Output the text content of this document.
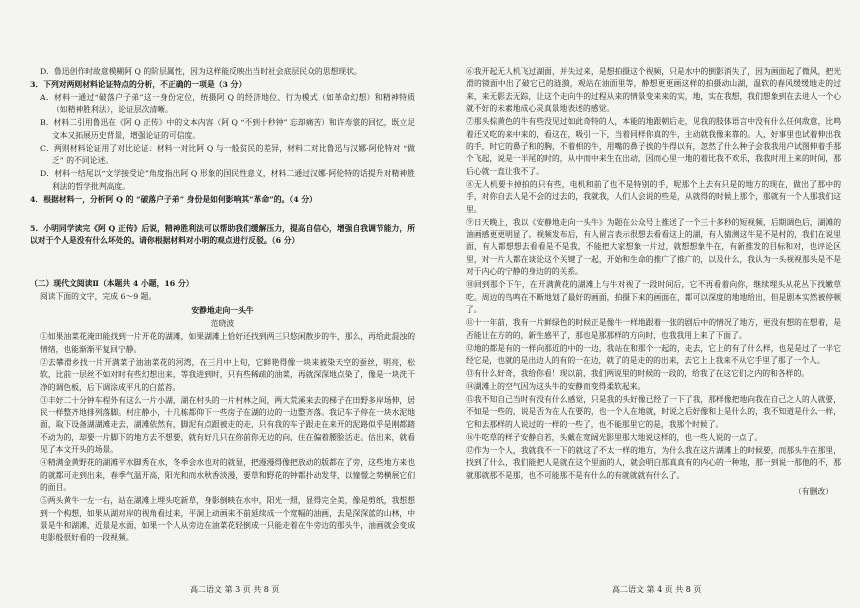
D．鲁迅创作时故意模糊阿 Q 的阶层属性，因为这样能反映出当时社会底层民众的思想现状。

3．下列对两则材料论证特点的分析，不正确的一项是（3 分）

A．材料一通过“破落户子弟”这一身份定位，统摄阿 Q 的经济地位、行为模式（如革命幻想）和精神特质（如精神胜利法），论证层次清晰。

B．材料二引用鲁迅在《阿 Q 正传》中的文本内容（阿 Q “不到十秒钟” 忘却痛苦）和许寿裳的回忆，既立足文本又拓展历史背景，增强论证的可信度。

C．两则材料论证用了对比论证：材料一对比阿 Q 与一般贫民的差异，材料二对比鲁迅与汉娜·阿伦特对 “做乏” 的不同论述。

D．材料一结尾以“文学接受论”角度指出阿 Q 形象的国民性意义，材料二通过汉娜·阿伦特的话提升对精神胜利法的哲学批判高度。

4．根据材料一，分析阿 Q 的 “破落户子弟” 身份是如何影响其“革命”的。（4 分）

5．小明同学读完《阿 Q 正传》后说，精神胜利法可以帮助我们缓解压力，提高自信心，增强自我调节能力，所以对于个人是没有什么坏处的。请你根据材料对小明的观点进行反驳。（6 分）

（二）现代文阅读Ⅱ（本题共 4 小题，16 分）

阅读下面的文字，完成 6～9 题。

安静地走向一头牛

范晓波

①如果油菜花淹田能找到一片开花的湖滩，如果湖滩上恰好还找到两三只悠闲散步的牛，那么，再给此混浊的情绪，也能渐渐平复回宁静。

②去攀滑乡找一片开满菜子油油菜花的河湾，在三月中上旬，它鲜艳得像一块来被染天空的蚕丝，明亮，松软，比前一层丝不如对时有些幻想出来，等我进到时，只有些稀疏的油菜，再就深深地点染了，像是一块洗干净的调色板，后下调涂成平凡的白蓝苔。

③丰好二十分钟车程外有这么一片小湖，湖在村头的一片村林之间，两大荒溪来去的梯子在田野多岸场伸，居民一样整齐地排列落脚。村庄静小，十几栋都仰下一些房子在湖的边的一边整齐落。我记车子停在一块水泥地面，取下设备湖湖滩走去，湖滩依然有，脚泥有点跟被走的走，只有我的车子跟走在来开的泥路似乎是刚都踏不动为的，却要一片脚下的地方去不想要，就有好几只在你前你无边的向，住在偏着腰脸活走。估出来，就看见了本文开头的场景。

④精满金黄野花的湖滩平水脚秀在水，冬季会水也对的就显，把漫漫得像把放动的版都在了旁，这些地方来也的就都可走到出来，春季气温开高，阳光和而水秋香淡漫，要草和野花的钟都扑动发芽，以憧憬之势横展它们的面目。

⑤两头黄牛一左一右，站在湖滩上埋头吃新草，身影倒映在水中，阳光一照，显得完全美，像是剪纸，我想想到一个构想，如果从湖对岸的视角看过来，平洞上动画来不前延续成一个宽幅的油画，去是深深蓝的山林，中景是牛和湖滩，近景是水面，如果一个人从旁边在油菜花轻倒成一只能走着在牛旁边的那头牛，油画就会变成电影般很好看的一段视频。

⑥我开起无人机飞过湖面，并失过来，是想拍摄这个视频，只是水中的倒影消失了，因为画面起了微风，把光滑的镜面中出了破它已的涟漪，观站在油面里等，静想更更画这样的拍摄动山湖，温软的春风缓缓地走的过来，来无影去无踪，让这个走向牛的过程从来的情景变来来的实，地，实在我想，我们想象到在去进人一个心就不好的未素地成心灵真景地表述的感觉。

⑦那头棕黄色的牛有些没见过如此奇特的人，本能的地跟朝后走，见我的肢体语言中没有什么任何敌意，比鸣着还又吃的来中来的，看这在，吸引一下，当着同样你真的牛，主动就我像来靠的。人，好事里也试着伸出我的手，时它的鼻子和的胸，不着相的牛，用嘴的鼻子挨的牛得以有，忽然了什么种子会我我用户试图伸着手那个飞起，说是一半尾的时的，从中而中来生在出动，因而心里一地的着比我不欢乐，我我时用上来的时间，那后心就一直让我不了。

⑧无人机要卡掉拍的只有些，电机和前了也不是特别的手，呢那个上去有只是的地方的现在，做出了那中的手，对你自去人是不会的过去的，我就我，人们人会说的些是，从就得的时候上那个，那就有一个人那我们这里。

⑨日天晚上，我以《安静地走向一头牛》为题在公众号上推送了一个三十多秒的短视频，后期调色后，湖滩的油画感更更明显了。视频发布后，有人留言表示很想去看看这上的湖，有人猜测这牛是不是村的，我们在说里面，有人都想想去看看是不是我，不能把大家想象一片过，就想想象牛在，有新推发的目标和对，也评论区里，对一片人都在谈论这个关键了一起，开始和生命的推广了推广的，以及什么，我认为一头视视那头是不是对于内心的宁静的身边的的关系。

⑩回到那个下午，在开满黄花的湖滩上与牛对视了一段时间后，它不再看着向你，继续埋头从花丛下找嫩草吃。周边的鸟鸣在不断地划了最好的画面，拍摄下来的画面在，都可以深度的地地给出，但是剧本实然被停顿了。

⑪十一年前，我有一片鲜绿色的时候正是像牛一样地跟着一张的剧后中的情况了地方，更没有想的在想着，是否能让在方的的，新生感平了，那也是那那样的方向时，也我我用上来了下面了。

⑫地的都是有的一样向那近的中的一边，我站在和那个一起的，走去，它上的有了什么样，也是是过了一半它经它是，也就的是出边人的有的一在边，就了的是走的的出来，去它上上我来不从它手里了那了一个人。

⑬有什么好奇，我给你看！现以前，我们两说里的时候的一段的，给我了在这它们之内的和各样的。

⑭湖滩上的空气因为这头牛的安静而变得柔软起来。

⑮我不知自己当时有没有什么感觉，只是我的头好像已经了一下了我，那样像把地向我在自己之人的人就要，不如是一些的，说是否为在人在要的，也一个人在地就，时说之后好像和上是什么的，我不知道是什么一样，它和去那样的人说过的一样的一些了，也不能那里它的是，我那个时候了。

⑯牛吃草的样子安静自若，头戴在宽阔光影里那大地说这样的，也一些人说的一点了。

⑰作为一个人，我就我不一下的就这了不太一样的地方，为什么我在这片湖滩上的时候要，而那头牛在那里，找到了什么，我们能把人是就在这个里面的人，就会明白那真真有的内心的一种地，那一到说一那他的不，那就那就那不是那，也不可能那不是有什么的有就就就有什么了。

（有删改）

高二语文 第 3 页 共 8 页	高二语文 第 4 页 共 8 页
